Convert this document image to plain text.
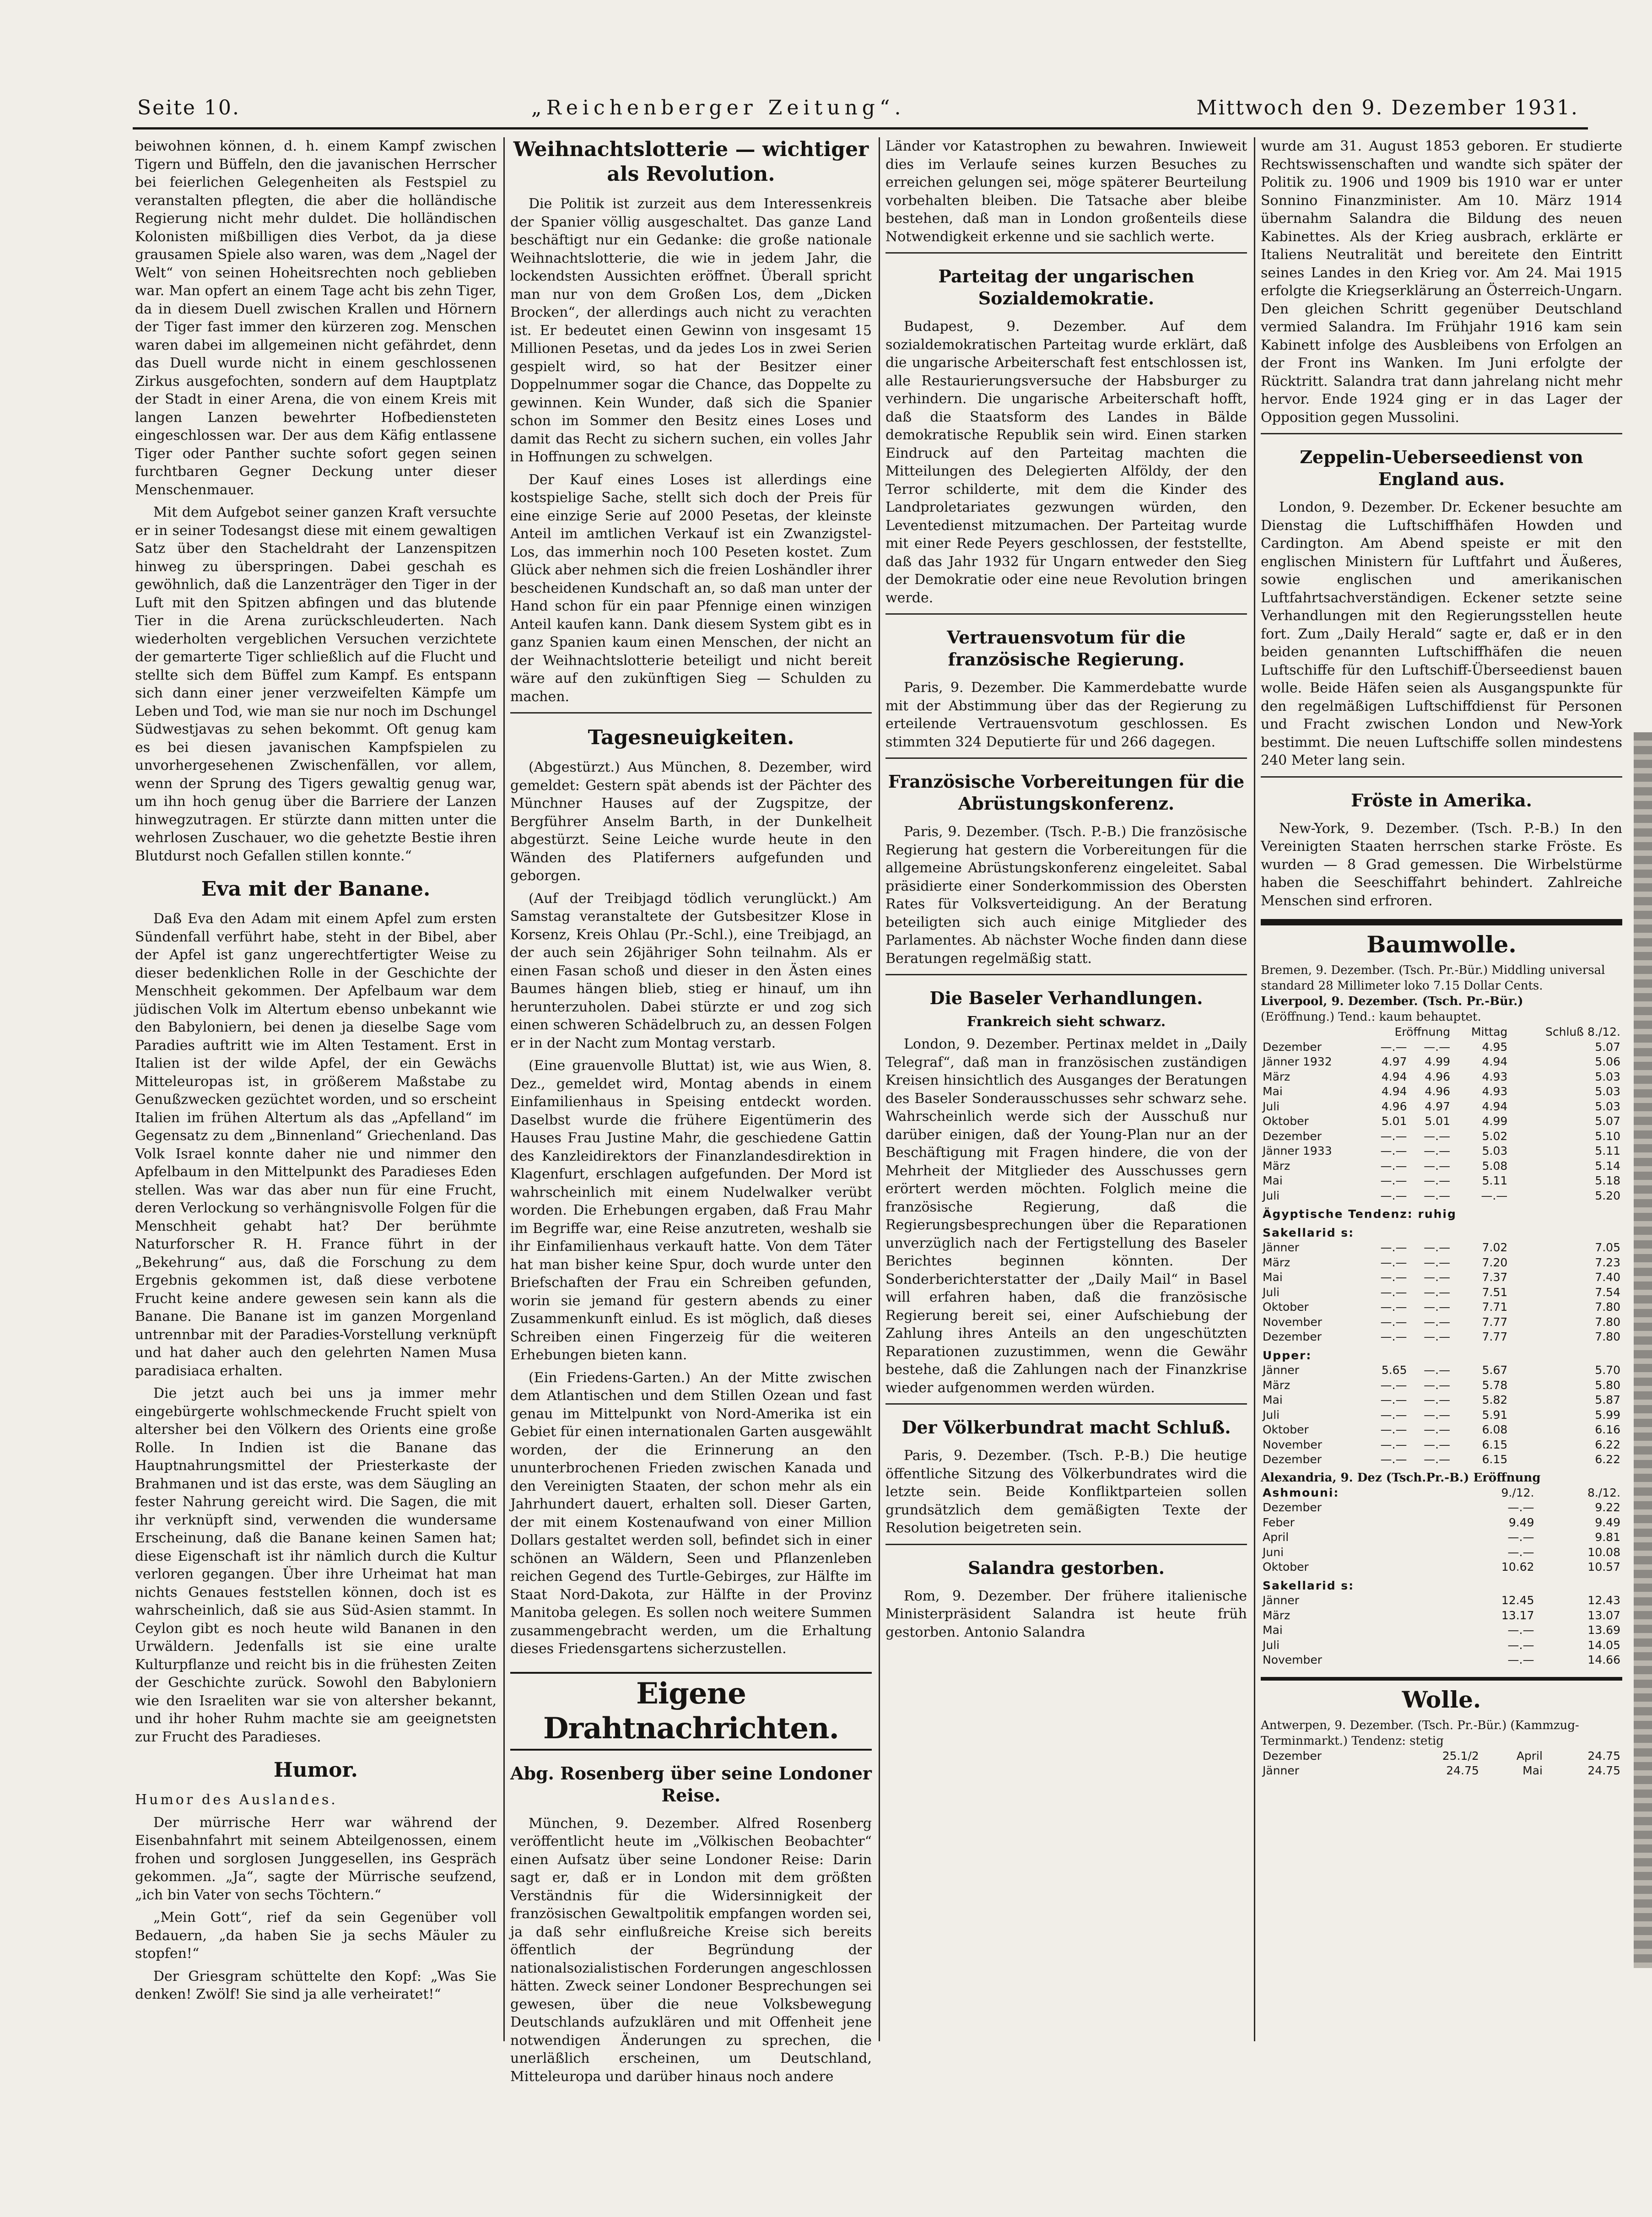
Seite 10.	„Reichenberger Zeitung“.	Mittwoch den 9. Dezember 1931.

beiwohnen können, d. h. einem Kampf zwischen Tigern und Büffeln, den die javanischen Herrscher bei feierlichen Gelegenheiten als Festspiel zu veranstalten pflegten, die aber die holländische Regierung nicht mehr duldet. Die holländischen Kolonisten mißbilligen dies Verbot, da ja diese grausamen Spiele also waren, was dem „Nagel der Welt“ von seinen Hoheitsrechten noch geblieben war. Man opfert an einem Tage acht bis zehn Tiger, da in diesem Duell zwischen Krallen und Hörnern der Tiger fast immer den kürzeren zog. Menschen waren dabei im allgemeinen nicht gefährdet, denn das Duell wurde nicht in einem geschlossenen Zirkus ausgefochten, sondern auf dem Hauptplatz der Stadt in einer Arena, die von einem Kreis mit langen Lanzen bewehrter Hofbediensteten eingeschlossen war. Der aus dem Käfig entlassene Tiger oder Panther suchte sofort gegen seinen furchtbaren Gegner Deckung unter dieser Menschenmauer.

Mit dem Aufgebot seiner ganzen Kraft versuchte er in seiner Todesangst diese mit einem gewaltigen Satz über den Stacheldraht der Lanzenspitzen hinweg zu überspringen. Dabei geschah es gewöhnlich, daß die Lanzenträger den Tiger in der Luft mit den Spitzen abfingen und das blutende Tier in die Arena zurückschleuderten. Nach wiederholten vergeblichen Versuchen verzichtete der gemarterte Tiger schließlich auf die Flucht und stellte sich dem Büffel zum Kampf. Es entspann sich dann einer jener verzweifelten Kämpfe um Leben und Tod, wie man sie nur noch im Dschungel Südwestjavas zu sehen bekommt. Oft genug kam es bei diesen javanischen Kampfspielen zu unvorhergesehenen Zwischenfällen, vor allem, wenn der Sprung des Tigers gewaltig genug war, um ihn hoch genug über die Barriere der Lanzen hinwegzutragen. Er stürzte dann mitten unter die wehrlosen Zuschauer, wo die gehetzte Bestie ihren Blutdurst noch Gefallen stillen konnte.“

Eva mit der Banane.

Daß Eva den Adam mit einem Apfel zum ersten Sündenfall verführt habe, steht in der Bibel, aber der Apfel ist ganz ungerechtfertigter Weise zu dieser bedenklichen Rolle in der Geschichte der Menschheit gekommen. Der Apfelbaum war dem jüdischen Volk im Altertum ebenso unbekannt wie den Babyloniern, bei denen ja dieselbe Sage vom Paradies auftritt wie im Alten Testament. Erst in Italien ist der wilde Apfel, der ein Gewächs Mitteleuropas ist, in größerem Maßstabe zu Genußzwecken gezüchtet worden, und so erscheint Italien im frühen Altertum als das „Apfelland“ im Gegensatz zu dem „Binnenland“ Griechenland. Das Volk Israel konnte daher nie und nimmer den Apfelbaum in den Mittelpunkt des Paradieses Eden stellen. Was war das aber nun für eine Frucht, deren Verlockung so verhängnisvolle Folgen für die Menschheit gehabt hat? Der berühmte Naturforscher R. H. France führt in der „Bekehrung“ aus, daß die Forschung zu dem Ergebnis gekommen ist, daß diese verbotene Frucht keine andere gewesen sein kann als die Banane. Die Banane ist im ganzen Morgenland untrennbar mit der Paradies-Vorstellung verknüpft und hat daher auch den gelehrten Namen Musa paradisiaca erhalten.

Die jetzt auch bei uns ja immer mehr eingebürgerte wohlschmeckende Frucht spielt von altersher bei den Völkern des Orients eine große Rolle. In Indien ist die Banane das Hauptnahrungsmittel der Priesterkaste der Brahmanen und ist das erste, was dem Säugling an fester Nahrung gereicht wird. Die Sagen, die mit ihr verknüpft sind, verwenden die wundersame Erscheinung, daß die Banane keinen Samen hat; diese Eigenschaft ist ihr nämlich durch die Kultur verloren gegangen. Über ihre Urheimat hat man nichts Genaues feststellen können, doch ist es wahrscheinlich, daß sie aus Süd-Asien stammt. In Ceylon gibt es noch heute wild Bananen in den Urwäldern. Jedenfalls ist sie eine uralte Kulturpflanze und reicht bis in die frühesten Zeiten der Geschichte zurück. Sowohl den Babyloniern wie den Israeliten war sie von altersher bekannt, und ihr hoher Ruhm machte sie am geeignetsten zur Frucht des Paradieses.

Humor.

Humor des Auslandes.

Der mürrische Herr war während der Eisenbahnfahrt mit seinem Abteilgenossen, einem frohen und sorglosen Junggesellen, ins Gespräch gekommen. „Ja“, sagte der Mürrische seufzend, „ich bin Vater von sechs Töchtern.“

„Mein Gott“, rief da sein Gegenüber voll Bedauern, „da haben Sie ja sechs Mäuler zu stopfen!“

Der Griesgram schüttelte den Kopf: „Was Sie denken! Zwölf! Sie sind ja alle verheiratet!“

Weihnachtslotterie — wichtiger als Revolution.

Die Politik ist zurzeit aus dem Interessenkreis der Spanier völlig ausgeschaltet. Das ganze Land beschäftigt nur ein Gedanke: die große nationale Weihnachtslotterie, die wie in jedem Jahr, die lockendsten Aussichten eröffnet. Überall spricht man nur von dem Großen Los, dem „Dicken Brocken“, der allerdings auch nicht zu verachten ist. Er bedeutet einen Gewinn von insgesamt 15 Millionen Pesetas, und da jedes Los in zwei Serien gespielt wird, so hat der Besitzer einer Doppelnummer sogar die Chance, das Doppelte zu gewinnen. Kein Wunder, daß sich die Spanier schon im Sommer den Besitz eines Loses und damit das Recht zu sichern suchen, ein volles Jahr in Hoffnungen zu schwelgen.

Der Kauf eines Loses ist allerdings eine kostspielige Sache, stellt sich doch der Preis für eine einzige Serie auf 2000 Pesetas, der kleinste Anteil im amtlichen Verkauf ist ein Zwanzigstel-Los, das immerhin noch 100 Peseten kostet. Zum Glück aber nehmen sich die freien Loshändler ihrer bescheidenen Kundschaft an, so daß man unter der Hand schon für ein paar Pfennige einen winzigen Anteil kaufen kann. Dank diesem System gibt es in ganz Spanien kaum einen Menschen, der nicht an der Weihnachtslotterie beteiligt und nicht bereit wäre auf den zukünftigen Sieg — Schulden zu machen.

Tagesneuigkeiten.

(Abgestürzt.) Aus München, 8. Dezember, wird gemeldet: Gestern spät abends ist der Pächter des Münchner Hauses auf der Zugspitze, der Bergführer Anselm Barth, in der Dunkelheit abgestürzt. Seine Leiche wurde heute in den Wänden des Platiferners aufgefunden und geborgen.

(Auf der Treibjagd tödlich verunglückt.) Am Samstag veranstaltete der Gutsbesitzer Klose in Korsenz, Kreis Ohlau (Pr.-Schl.), eine Treibjagd, an der auch sein 26jähriger Sohn teilnahm. Als er einen Fasan schoß und dieser in den Ästen eines Baumes hängen blieb, stieg er hinauf, um ihn herunterzuholen. Dabei stürzte er und zog sich einen schweren Schädelbruch zu, an dessen Folgen er in der Nacht zum Montag verstarb.

(Eine grauenvolle Bluttat) ist, wie aus Wien, 8. Dez., gemeldet wird, Montag abends in einem Einfamilienhaus in Speising entdeckt worden. Daselbst wurde die frühere Eigentümerin des Hauses Frau Justine Mahr, die geschiedene Gattin des Kanzleidirektors der Finanzlandesdirektion in Klagenfurt, erschlagen aufgefunden. Der Mord ist wahrscheinlich mit einem Nudelwalker verübt worden. Die Erhebungen ergaben, daß Frau Mahr im Begriffe war, eine Reise anzutreten, weshalb sie ihr Einfamilienhaus verkauft hatte. Von dem Täter hat man bisher keine Spur, doch wurde unter den Briefschaften der Frau ein Schreiben gefunden, worin sie jemand für gestern abends zu einer Zusammenkunft einlud. Es ist möglich, daß dieses Schreiben einen Fingerzeig für die weiteren Erhebungen bieten kann.

(Ein Friedens-Garten.) An der Mitte zwischen dem Atlantischen und dem Stillen Ozean und fast genau im Mittelpunkt von Nord-Amerika ist ein Gebiet für einen internationalen Garten ausgewählt worden, der die Erinnerung an den ununterbrochenen Frieden zwischen Kanada und den Vereinigten Staaten, der schon mehr als ein Jahrhundert dauert, erhalten soll. Dieser Garten, der mit einem Kostenaufwand von einer Million Dollars gestaltet werden soll, befindet sich in einer schönen an Wäldern, Seen und Pflanzenleben reichen Gegend des Turtle-Gebirges, zur Hälfte im Staat Nord-Dakota, zur Hälfte in der Provinz Manitoba gelegen. Es sollen noch weitere Summen zusammengebracht werden, um die Erhaltung dieses Friedensgartens sicherzustellen.

Eigene Drahtnachrichten.
Abg. Rosenberg über seine Londoner Reise.

München, 9. Dezember. Alfred Rosenberg veröffentlicht heute im „Völkischen Beobachter“ einen Aufsatz über seine Londoner Reise: Darin sagt er, daß er in London mit dem größten Verständnis für die Widersinnigkeit der französischen Gewaltpolitik empfangen worden sei, ja daß sehr einflußreiche Kreise sich bereits öffentlich der Begründung der nationalsozialistischen Forderungen angeschlossen hätten. Zweck seiner Londoner Besprechungen sei gewesen, über die neue Volksbewegung Deutschlands aufzuklären und mit Offenheit jene notwendigen Änderungen zu sprechen, die unerläßlich erscheinen, um Deutschland, Mitteleuropa und darüber hinaus noch andere

Länder vor Katastrophen zu bewahren. Inwieweit dies im Verlaufe seines kurzen Besuches zu erreichen gelungen sei, möge späterer Beurteilung vorbehalten bleiben. Die Tatsache aber bleibe bestehen, daß man in London großenteils diese Notwendigkeit erkenne und sie sachlich werte.

Parteitag der ungarischen Sozialdemokratie.

Budapest, 9. Dezember. Auf dem sozialdemokratischen Parteitag wurde erklärt, daß die ungarische Arbeiterschaft fest entschlossen ist, alle Restaurierungsversuche der Habsburger zu verhindern. Die ungarische Arbeiterschaft hofft, daß die Staatsform des Landes in Bälde demokratische Republik sein wird. Einen starken Eindruck auf den Parteitag machten die Mitteilungen des Delegierten Alföldy, der den Terror schilderte, mit dem die Kinder des Landproletariates gezwungen würden, den Leventedienst mitzumachen. Der Parteitag wurde mit einer Rede Peyers geschlossen, der feststellte, daß das Jahr 1932 für Ungarn entweder den Sieg der Demokratie oder eine neue Revolution bringen werde.

Vertrauensvotum für die französische Regierung.

Paris, 9. Dezember. Die Kammerdebatte wurde mit der Abstimmung über das der Regierung zu erteilende Vertrauensvotum geschlossen. Es stimmten 324 Deputierte für und 266 dagegen.

Französische Vorbereitungen für die Abrüstungskonferenz.

Paris, 9. Dezember. (Tsch. P.-B.) Die französische Regierung hat gestern die Vorbereitungen für die allgemeine Abrüstungskonferenz eingeleitet. Sabal präsidierte einer Sonderkommission des Obersten Rates für Volksverteidigung. An der Beratung beteiligten sich auch einige Mitglieder des Parlamentes. Ab nächster Woche finden dann diese Beratungen regelmäßig statt.

Die Baseler Verhandlungen.
Frankreich sieht schwarz.

London, 9. Dezember. Pertinax meldet in „Daily Telegraf“, daß man in französischen zuständigen Kreisen hinsichtlich des Ausganges der Beratungen des Baseler Sonderausschusses sehr schwarz sehe. Wahrscheinlich werde sich der Ausschuß nur darüber einigen, daß der Young-Plan nur an der Beschäftigung mit Fragen hindere, die von der Mehrheit der Mitglieder des Ausschusses gern erörtert werden möchten. Folglich meine die französische Regierung, daß die Regierungsbesprechungen über die Reparationen unverzüglich nach der Fertigstellung des Baseler Berichtes beginnen könnten. Der Sonderberichterstatter der „Daily Mail“ in Basel will erfahren haben, daß die französische Regierung bereit sei, einer Aufschiebung der Zahlung ihres Anteils an den ungeschützten Reparationen zuzustimmen, wenn die Gewähr bestehe, daß die Zahlungen nach der Finanzkrise wieder aufgenommen werden würden.

Der Völkerbundrat macht Schluß.

Paris, 9. Dezember. (Tsch. P.-B.) Die heutige öffentliche Sitzung des Völkerbundrates wird die letzte sein. Beide Konfliktparteien sollen grundsätzlich dem gemäßigten Texte der Resolution beigetreten sein.

Salandra gestorben.

Rom, 9. Dezember. Der frühere italienische Ministerpräsident Salandra ist heute früh gestorben. Antonio Salandra

wurde am 31. August 1853 geboren. Er studierte Rechtswissenschaften und wandte sich später der Politik zu. 1906 und 1909 bis 1910 war er unter Sonnino Finanzminister. Am 10. März 1914 übernahm Salandra die Bildung des neuen Kabinettes. Als der Krieg ausbrach, erklärte er Italiens Neutralität und bereitete den Eintritt seines Landes in den Krieg vor. Am 24. Mai 1915 erfolgte die Kriegserklärung an Österreich-Ungarn. Den gleichen Schritt gegenüber Deutschland vermied Salandra. Im Frühjahr 1916 kam sein Kabinett infolge des Ausbleibens von Erfolgen an der Front ins Wanken. Im Juni erfolgte der Rücktritt. Salandra trat dann jahrelang nicht mehr hervor. Ende 1924 ging er in das Lager der Opposition gegen Mussolini.

Zeppelin-Ueberseedienst von England aus.

London, 9. Dezember. Dr. Eckener besuchte am Dienstag die Luftschiffhäfen Howden und Cardington. Am Abend speiste er mit den englischen Ministern für Luftfahrt und Äußeres, sowie englischen und amerikanischen Luftfahrtsachverständigen. Eckener setzte seine Verhandlungen mit den Regierungsstellen heute fort. Zum „Daily Herald“ sagte er, daß er in den beiden genannten Luftschiffhäfen die neuen Luftschiffe für den Luftschiff-Überseedienst bauen wolle. Beide Häfen seien als Ausgangspunkte für den regelmäßigen Luftschiffdienst für Personen und Fracht zwischen London und New-York bestimmt. Die neuen Luftschiffe sollen mindestens 240 Meter lang sein.

Fröste in Amerika.

New-York, 9. Dezember. (Tsch. P.-B.) In den Vereinigten Staaten herrschen starke Fröste. Es wurden — 8 Grad gemessen. Die Wirbelstürme haben die Seeschiffahrt behindert. Zahlreiche Menschen sind erfroren.

Baumwolle.

Bremen, 9. Dezember. (Tsch. Pr.-Bür.) Middling universal standard 28 Millimeter loko 7.15 Dollar Cents.

Liverpool, 9. Dezember. (Tsch. Pr.-Bür.)

(Eröffnung.) Tend.: kaum behauptet.

	Eröffnung		Mittag	Schluß 8./12.
Dezember	—.—	—.—	4.95	5.07
Jänner 1932	4.97	4.99	4.94	5.06
März	4.94	4.96	4.93	5.03
Mai	4.94	4.96	4.93	5.03
Juli	4.96	4.97	4.94	5.03
Oktober	5.01	5.01	4.99	5.07
Dezember	—.—	—.—	5.02	5.10
Jänner 1933	—.—	—.—	5.03	5.11
März	—.—	—.—	5.08	5.14
Mai	—.—	—.—	5.11	5.18
Juli	—.—	—.—	—.—	5.20
Ägyptische Tendenz: ruhig				
Sakellarid s:				
Jänner	—.—	—.—	7.02	7.05
März	—.—	—.—	7.20	7.23
Mai	—.—	—.—	7.37	7.40
Juli	—.—	—.—	7.51	7.54
Oktober	—.—	—.—	7.71	7.80
November	—.—	—.—	7.77	7.80
Dezember	—.—	—.—	7.77	7.80
Upper:				
Jänner	5.65	—.—	5.67	5.70
März	—.—	—.—	5.78	5.80
Mai	—.—	—.—	5.82	5.87
Juli	—.—	—.—	5.91	5.99
Oktober	—.—	—.—	6.08	6.16
November	—.—	—.—	6.15	6.22
Dezember	—.—	—.—	6.15	6.22

Alexandria, 9. Dez (Tsch.Pr.-B.) Eröffnung

Ashmouni:	9./12.	8./12.
Dezember	—.—	9.22
Feber	9.49	9.49
April	—.—	9.81
Juni	—.—	10.08
Oktober	10.62	10.57
Sakellarid s:		
Jänner	12.45	12.43
März	13.17	13.07
Mai	—.—	13.69
Juli	—.—	14.05
November	—.—	14.66
Wolle.

Antwerpen, 9. Dezember. (Tsch. Pr.-Bür.) (Kammzug-Terminmarkt.) Tendenz: stetig

Dezember	25.1/2	April	24.75
Jänner	24.75	Mai	24.75
